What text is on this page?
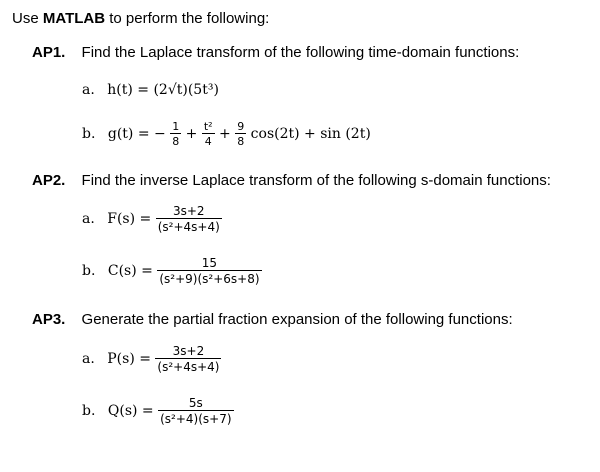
Use MATLAB to perform the following:
AP1. Find the Laplace transform of the following time-domain functions:
a. h(t) = (2√t)(5t³)
b. g(t) = − $\frac{1}{8} + \frac{\text{t²}}{4} + \frac{9}{8} \cos(2t) + \sin (2t)$
AP2. Find the inverse Laplace transform of the following s-domain functions:
a. $F(s) = \frac{3s+2}{\text{(s²+4s+4)}}$
b. $C(s) = \frac{15}{\text{(s²+9)(s²+6s+8)}}$
AP3. Generate the partial fraction expansion of the following functions:
a. $P(s) = \frac{3s+2}{\text{(s²+4s+4)}}$
b. $Q(s) = \frac{5s}{\text{(s²+4)(s+7)}}$
